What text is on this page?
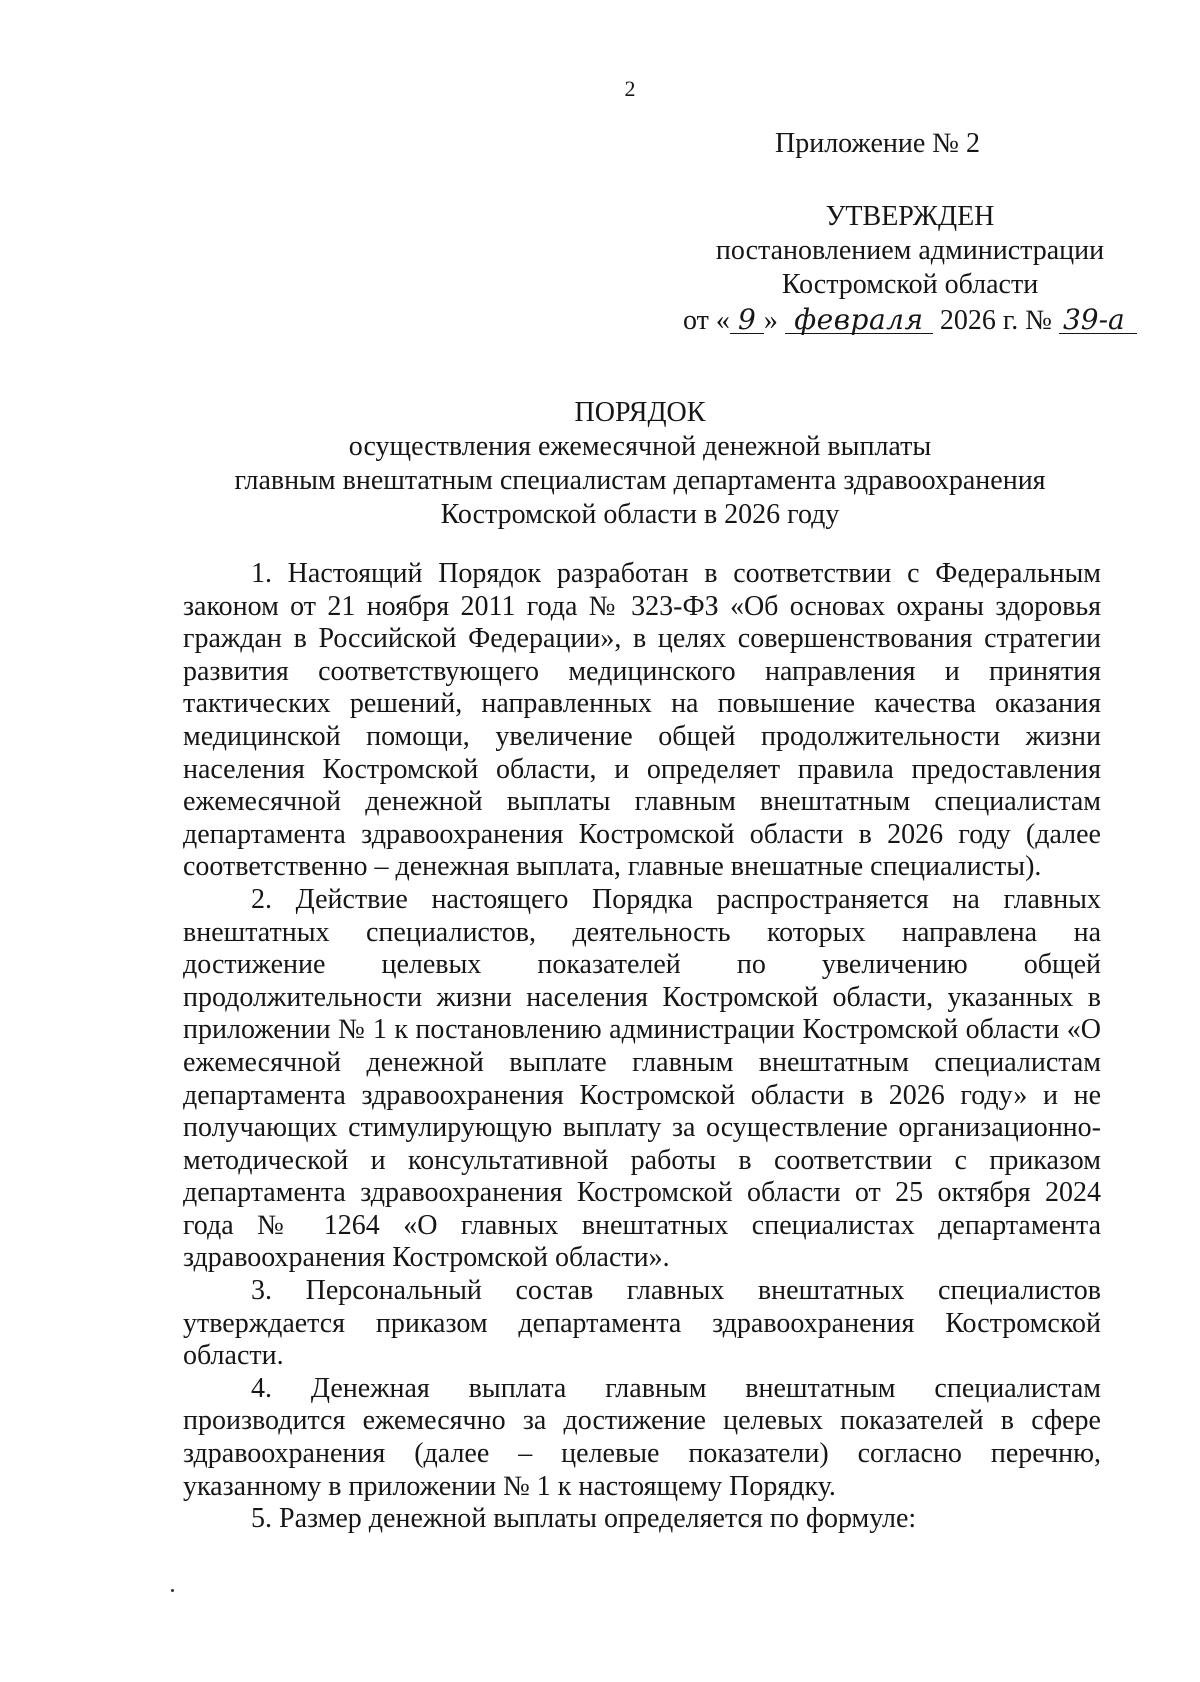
2
Приложение № 2
УТВЕРЖДЕН
постановлением администрации
Костромской области
от « 9 » февраля 2026 г. № 39-а
ПОРЯДОК
осуществления ежемесячной денежной выплаты
главным внештатным специалистам департамента здравоохранения
Костромской области в 2026 году

1. Настоящий Порядок разработан в соответствии с Федеральным законом от 21 ноября 2011 года № 323-ФЗ «Об основах охраны здоровья граждан в Российской Федерации», в целях совершенствования стратегии развития соответствующего медицинского направления и принятия тактических решений, направленных на повышение качества оказания медицинской помощи, увеличение общей продолжительности жизни населения Костромской области, и определяет правила предоставления ежемесячной денежной выплаты главным внештатным специалистам департамента здравоохранения Костромской области в 2026 году (далее соответственно – денежная выплата, главные внешатные специалисты).

2. Действие настоящего Порядка распространяется на главных внештатных специалистов, деятельность которых направлена на достижение целевых показателей по увеличению общей продолжительности жизни населения Костромской области, указанных в приложении № 1 к постановлению администрации Костромской области «О ежемесячной денежной выплате главным внештатным специалистам департамента здравоохранения Костромской области в 2026 году» и не получающих стимулирующую выплату за осуществление организационно-методической и консультативной работы в соответствии с приказом департамента здравоохранения Костромской области от 25 октября 2024 года № 1264 «О главных внештатных специалистах департамента здравоохранения Костромской области».

3. Персональный состав главных внештатных специалистов утверждается приказом департамента здравоохранения Костромской области.

4. Денежная выплата главным внештатным специалистам производится ежемесячно за достижение целевых показателей в сфере здравоохранения (далее – целевые показатели) согласно перечню, указанному в приложении № 1 к настоящему Порядку.

5. Размер денежной выплаты определяется по формуле:
